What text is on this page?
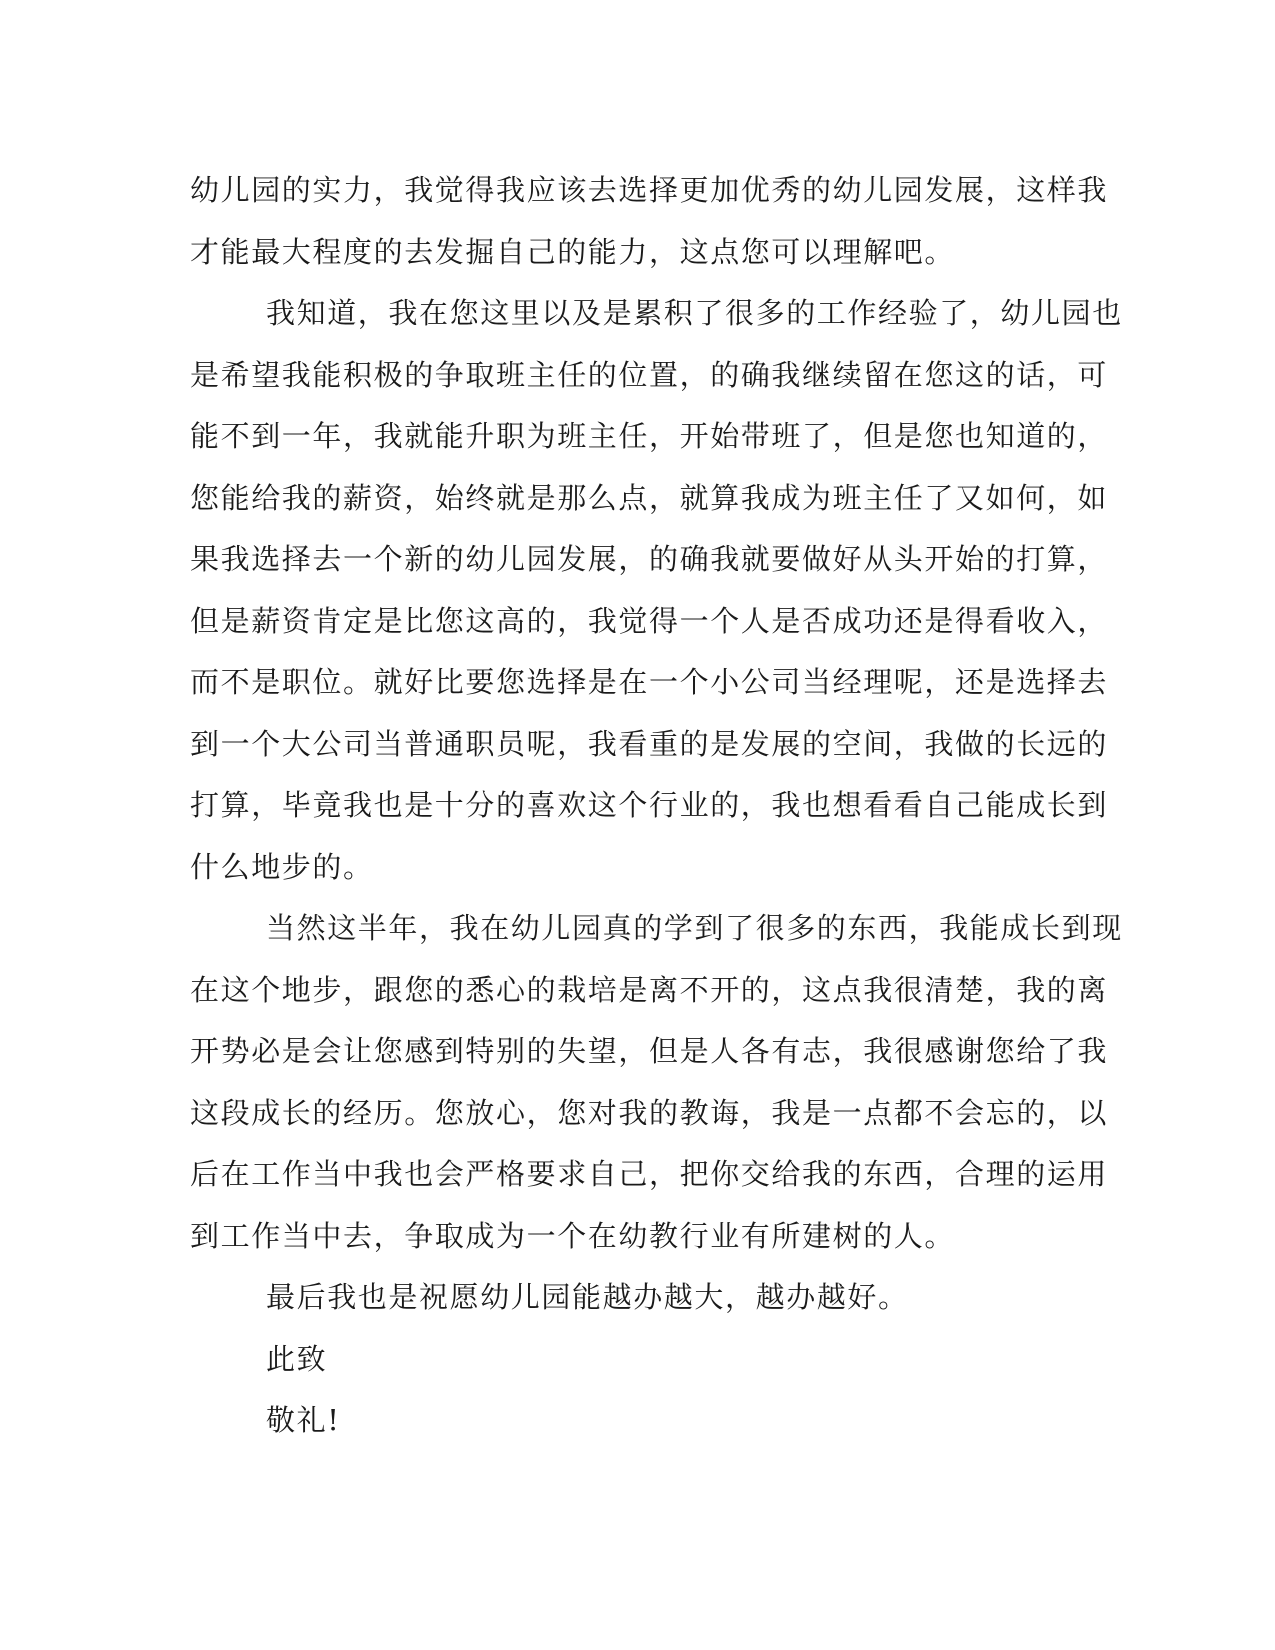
幼儿园的实力，我觉得我应该去选择更加优秀的幼儿园发展，这样我
才能最大程度的去发掘自己的能力，这点您可以理解吧。
我知道，我在您这里以及是累积了很多的工作经验了，幼儿园也
是希望我能积极的争取班主任的位置，的确我继续留在您这的话，可
能不到一年，我就能升职为班主任，开始带班了，但是您也知道的，
您能给我的薪资，始终就是那么点，就算我成为班主任了又如何，如
果我选择去一个新的幼儿园发展，的确我就要做好从头开始的打算，
但是薪资肯定是比您这高的，我觉得一个人是否成功还是得看收入，
而不是职位。就好比要您选择是在一个小公司当经理呢，还是选择去
到一个大公司当普通职员呢，我看重的是发展的空间，我做的长远的
打算，毕竟我也是十分的喜欢这个行业的，我也想看看自己能成长到
什么地步的。
当然这半年，我在幼儿园真的学到了很多的东西，我能成长到现
在这个地步，跟您的悉心的栽培是离不开的，这点我很清楚，我的离
开势必是会让您感到特别的失望，但是人各有志，我很感谢您给了我
这段成长的经历。您放心，您对我的教诲，我是一点都不会忘的，以
后在工作当中我也会严格要求自己，把你交给我的东西，合理的运用
到工作当中去，争取成为一个在幼教行业有所建树的人。
最后我也是祝愿幼儿园能越办越大，越办越好。
此致
敬礼!
